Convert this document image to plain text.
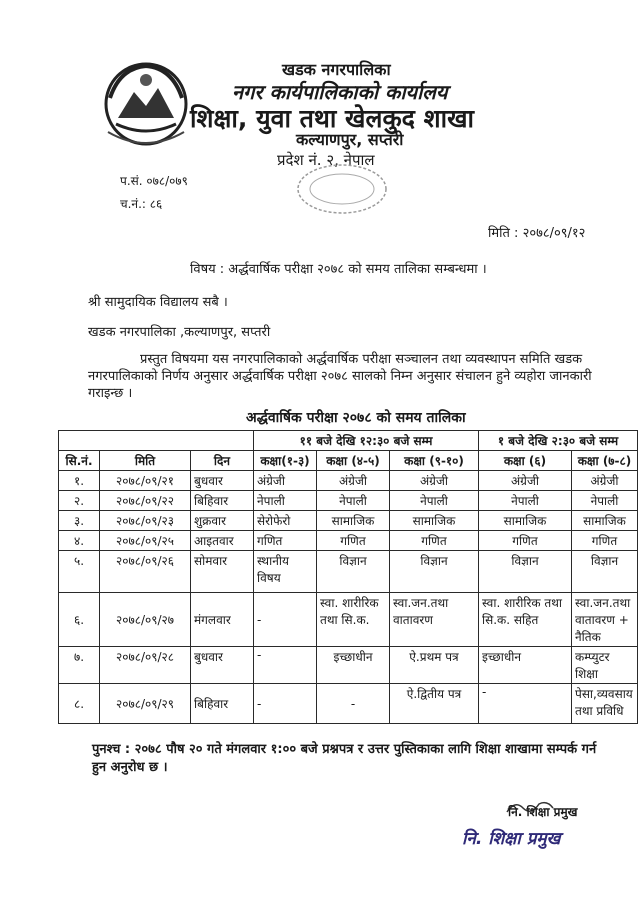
खडक नगरपालिका
नगर कार्यपालिकाको कार्यालय
शिक्षा, युवा तथा खेलकुद शाखा
कल्याणपुर, सप्तरी
प्रदेश नं. २, नेपाल
प.सं. ०७८/०७९
च.नं.: ८६
मिति : २०७८/०९/१२
विषय : अर्द्धवार्षिक परीक्षा २०७८ को समय तालिका सम्बन्धमा ।
श्री सामुदायिक विद्यालय सबै ।
खडक नगरपालिका ,कल्याणपुर, सप्तरी
प्रस्तुत विषयमा यस नगरपालिकाको अर्द्धवार्षिक परीक्षा सञ्चालन तथा व्यवस्थापन समिति खडक नगरपालिकाको निर्णय अनुसार अर्द्धवार्षिक परीक्षा २०७८ सालको निम्न अनुसार संचालन हुने व्यहोरा जानकारी गराइन्छ ।
अर्द्धवार्षिक परीक्षा २०७८ को समय तालिका
			११ बजे देखि १२:३० बजे सम्म			१ बजे देखि २:३० बजे सम्म	
सि.नं.	मिति	दिन	कक्षा(१-३)	कक्षा (४-५)	कक्षा (९-१०)	कक्षा (६)	कक्षा (७-८)
१.	२०७८/०९/२१	बुधवार	अंग्रेजी	अंग्रेजी	अंग्रेजी	अंग्रेजी	अंग्रेजी
२.	२०७८/०९/२२	बिहिवार	नेपाली	नेपाली	नेपाली	नेपाली	नेपाली
३.	२०७८/०९/२३	शुक्रवार	सेरोफेरो	सामाजिक	सामाजिक	सामाजिक	सामाजिक
४.	२०७८/०९/२५	आइतवार	गणित	गणित	गणित	गणित	गणित
५.	२०७८/०९/२६	सोमवार	स्थानीय विषय	विज्ञान	विज्ञान	विज्ञान	विज्ञान
६.	२०७८/०९/२७	मंगलवार	-	स्वा. शारीरिक तथा सि.क.	स्वा.जन.तथा वातावरण	स्वा. शारीरिक तथा सि.क. सहित	स्वा.जन.तथा वातावरण + नैतिक
७.	२०७८/०९/२८	बुधवार	-	इच्छाधीन	ऐ.प्रथम पत्र	इच्छाधीन	कम्प्युटर शिक्षा
८.	२०७८/०९/२९	बिहिवार	-	-	ऐ.द्वितीय पत्र	-	पेसा,व्यवसाय तथा प्रविधि
पुनश्च : २०७८ पौष २० गते मंगलवार १:०० बजे प्रश्नपत्र र उत्तर पुस्तिकाका लागि शिक्षा शाखामा सम्पर्क गर्न हुन अनुरोध छ ।
नि. शिक्षा प्रमुख
नि. शिक्षा प्रमुख
